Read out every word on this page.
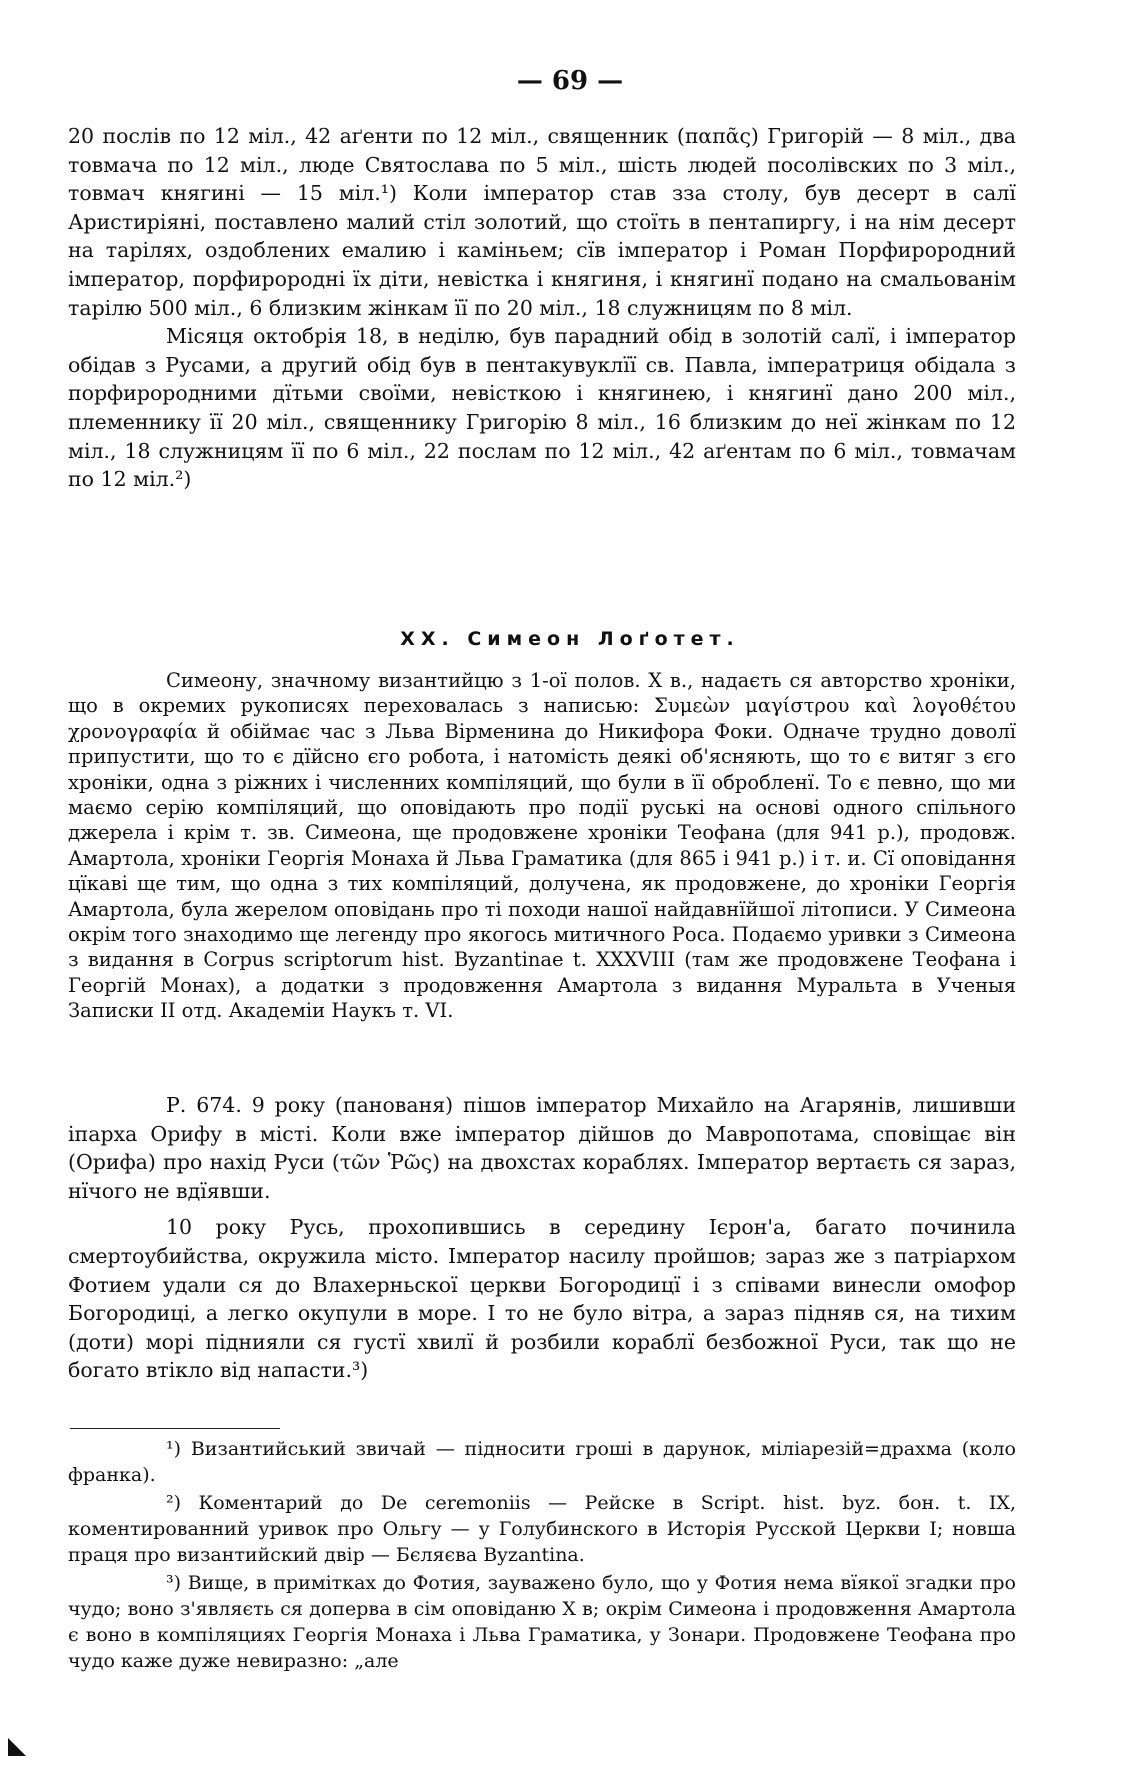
— 69 —

20 послів по 12 міл., 42 аґенти по 12 міл., священник (παπᾶς) Григорій — 8 міл., два товмача по 12 міл., люде Святослава по 5 міл., шість людей посолівских по 3 міл., товмач княгині — 15 міл.¹) Коли імператор став зза столу, був десерт в салї Аристиріяні, поставлено малий стіл золотий, що стоїть в пентапиргу, і на нім десерт на тарілях, оздоблених емалию і каміньем; сїв імператор і Роман Порфирородний імператор, порфирородні їх діти, невістка і княгиня, і княгинї подано на смальованім тарілю 500 міл., 6 близким жінкам її по 20 міл., 18 служницям по 8 міл.

Місяця октобрія 18, в неділю, був парадний обід в золотій салї, і імператор обідав з Русами, а другий обід був в пентакувуклїї св. Павла, імператриця обідала з порфирородними дїтьми своїми, невісткою і княгинею, і княгинї дано 200 міл., племеннику її 20 міл., священнику Григорію 8 міл., 16 близким до неї жінкам по 12 міл., 18 служницям її по 6 міл., 22 послам по 12 міл., 42 аґентам по 6 міл., товмачам по 12 міл.²)

XX. Симеон Лоґотет.

Симеону, значному византийцю з 1-ої полов. X в., надаєть ся авторство хроніки, що в окремих рукописях переховалась з написью: Συμεὼν μαγίστρου καὶ λογοθέτου χρονογραφία й обіймає час з Льва Вірменина до Никифора Фоки. Одначе трудно доволї припустити, що то є дїйсно єго робота, і натомість деякі об'ясняють, що то є витяг з єго хроніки, одна з ріжних і численних компіляций, що були в її обробленї. То є певно, що ми маємо серію компіляций, що оповідають про події руські на основі одного спільного джерела і крім т. зв. Симеона, ще продовжене хроніки Теофана (для 941 р.), продовж. Амартола, хроніки Георгія Монаха й Льва Граматика (для 865 і 941 р.) і т. и. Сї оповідання цїкаві ще тим, що одна з тих компіляций, долучена, як продовжене, до хроніки Георгія Амартола, була жерелом оповідань про ті походи нашої найдавнїйшої літописи. У Симеона окрім того знаходимо ще легенду про якогось митичного Роса. Подаємо уривки з Симеона з видання в Corpus scriptorum hist. Byzantinae t. XXXVIII (там же продовжене Теофана і Георгій Монах), а додатки з продовження Амартола з видання Муральта в Ученыя Записки II отд. Академіи Наукъ т. VI.

Р. 674. 9 року (панованя) пішов імператор Михайло на Агарянів, лишивши іпарха Орифу в місті. Коли вже імператор дійшов до Мавропотама, сповіщає він (Орифа) про нахід Руси (τῶν Ῥῶς) на двохстах кораблях. Імператор вертаєть ся зараз, нїчого не вдїявши.

10 року Русь, прохопившись в середину Ієрон'а, багато починила смертоубийства, окружила місто. Імператор насилу пройшов; зараз же з патріархом Фотием удали ся до Влахерньскої церкви Богородицї і з співами винесли омофор Богородиці, а легко окупули в море. І то не було вітра, а зараз підняв ся, на тихим (доти) морі піднияли ся густї хвилї й розбили кораблї безбожної Руси, так що не богато втікло від напасти.³)

¹) Византийський звичай — підносити гроші в дарунок, міліарезій=драхма (коло франка).

²) Коментарий до De ceremoniis — Рейске в Script. hist. byz. бон. t. IX, коментированний уривок про Ольгу — у Голубинского в Исторія Русской Церкви I; новша праця про византийский двір — Бєляєва Byzantina.

³) Вище, в примітках до Фотия, зауважено було, що у Фотия нема вїякої згадки про чудо; воно з'являєть ся доперва в сім оповіданю X в; окрім Симеона і продовження Амартола є воно в компіляциях Георгія Монаха і Льва Граматика, у Зонари. Продовжене Теофана про чудо каже дуже невиразно: „але
